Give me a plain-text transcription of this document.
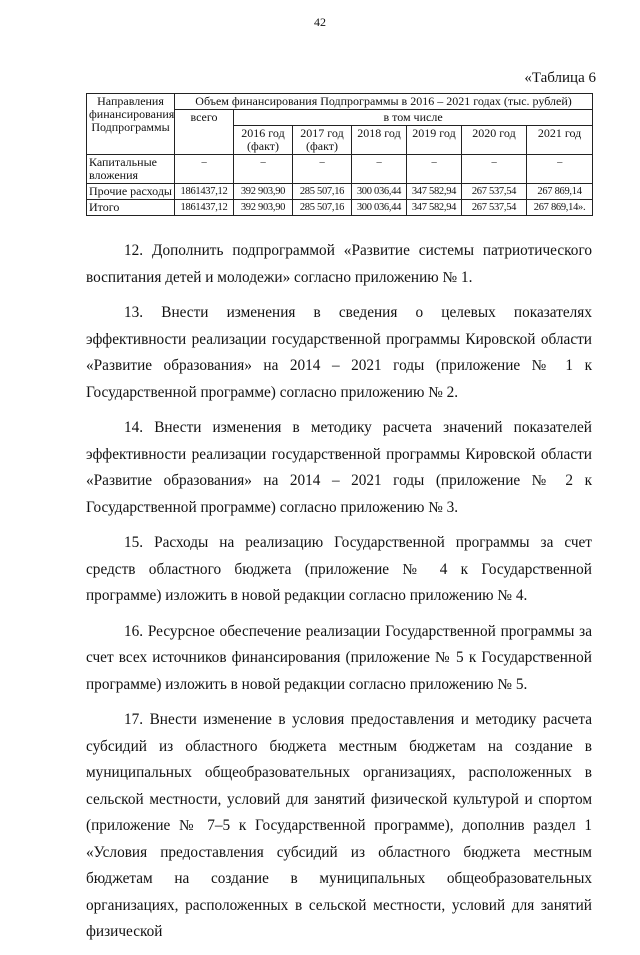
42
«Таблица 6
Направления финансирования Подпрограммы	Объем финансирования Подпрограммы в 2016 – 2021 годах (тыс. рублей)						
	всего	в том числе					
		2016 год (факт)	2017 год (факт)	2018 год	2019 год	2020 год	2021 год
Капитальные вложения	–	–	–	–	–	–	–
Прочие расходы	1861437,12	392 903,90	285 507,16	300 036,44	347 582,94	267 537,54	267 869,14
Итого	1861437,12	392 903,90	285 507,16	300 036,44	347 582,94	267 537,54	267 869,14».

12. Дополнить подпрограммой «Развитие системы патриотического воспитания детей и молодежи» согласно приложению № 1.

13. Внести изменения в сведения о целевых показателях эффективности реализации государственной программы Кировской области «Развитие образования» на 2014 – 2021 годы (приложение № 1 к Государственной программе) согласно приложению № 2.

14. Внести изменения в методику расчета значений показателей эффективности реализации государственной программы Кировской области «Развитие образования» на 2014 – 2021 годы (приложение № 2 к Государственной программе) согласно приложению № 3.

15. Расходы на реализацию Государственной программы за счет средств областного бюджета (приложение № 4 к Государственной программе) изложить в новой редакции согласно приложению № 4.

16. Ресурсное обеспечение реализации Государственной программы за счет всех источников финансирования (приложение № 5 к Государственной программе) изложить в новой редакции согласно приложению № 5.

17. Внести изменение в условия предоставления и методику расчета субсидий из областного бюджета местным бюджетам на создание в муниципальных общеобразовательных организациях, расположенных в сельской местности, условий для занятий физической культурой и спортом (приложение № 7–5 к Государственной программе), дополнив раздел 1 «Условия предоставления субсидий из областного бюджета местным бюджетам на создание в муниципальных общеобразовательных организациях, расположенных в сельской местности, условий для занятий физической
